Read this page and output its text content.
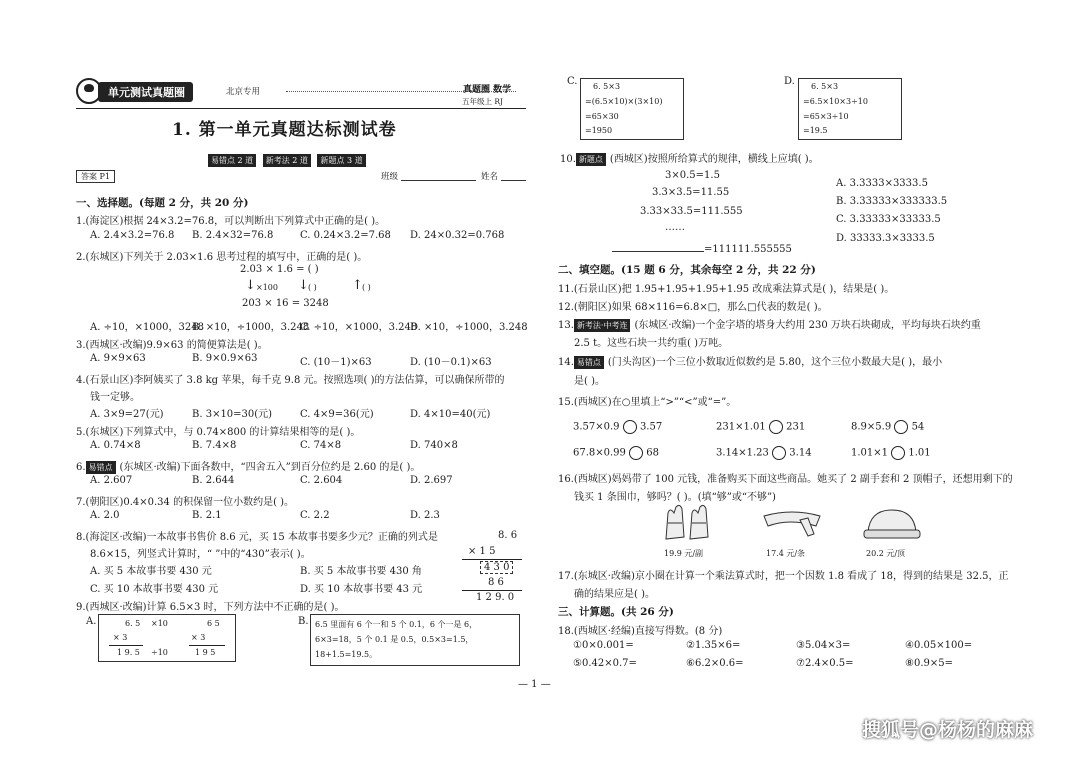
单元测试真题圈	北京专用	真题圈 数学
五年级上 RJ
1. 第一单元真题达标测试卷
易错点 2 道 新考法 2 道 新题点 3 道
答案 P1	班级	姓名
一、选择题。(每题 2 分，共 20 分)
1.(海淀区)根据 24×3.2=76.8，可以判断出下列算式中正确的是( )。
A. 2.4×3.2=76.8 B. 2.4×32=76.8	C. 0.24×3.2=7.68 D. 24×0.32=0.768
2.(东城区)下列关于 2.03×1.6 思考过程的填写中，正确的是( )。
2.03 × 1.6 = ( )
↓ ×100 ↓ ( )	↑ ( )
203 × 16 = 3248
A. ÷10，×1000，3248
B. ×10，÷1000，3.248
C. ÷10，×1000，3.248
D. ×10，÷1000，3.248
3.(西城区·改编)9.9×63 的简便算法是( )。
A. 9×9×63	B. 9×0.9×63	C. (10－1)×63	D. (10－0.1)×63
4.(石景山区)李阿姨买了 3.8 kg 苹果，每千克 9.8 元。按照选项( )的方法估算，可以确保所带的
钱一定够。
A. 3×9=27(元)	B. 3×10=30(元)	C. 4×9=36(元)	D. 4×10=40(元)
5.(东城区)下列算式中，与 0.74×800 的计算结果相等的是( )。
A. 0.74×8	B. 7.4×8	C. 74×8	D. 740×8
6. 易错点 (东城区·改编)下面各数中，“四舍五入”到百分位约是 2.60 的是( )。
A. 2.607	B. 2.644	C. 2.604	D. 2.697
7.(朝阳区)0.4×0.34 的积保留一位小数约是( )。
A. 2.0	B. 2.1	C. 2.2	D. 2.3
8.(海淀区·改编)一本故事书售价 8.6 元，买 15 本故事书要多少元？正确的列式是
8.6×15，列竖式计算时，“ ”中的“430”表示( )。
A. 买 5 本故事书要 430 元	B. 买 5 本故事书要 430 角
C. 买 10 本故事书要 430 元	D. 买 10 本故事书要 43 元
8. 6
× 1 5
4 3 0
8 6
1 2 9. 0
9.(西城区·改编)计算 6.5×3 时，下列方法中不正确的是( )。
A.	6. 5
× 3
1 9. 5
×10
÷10
6 5
× 3
1 9 5
B. 6.5 里面有 6 个一和 5 个 0.1，6 个一是 6，
6×3=18，5 个 0.1 是 0.5，0.5×3=1.5，
18+1.5=19.5。
C. 6. 5×3
=(6.5×10)×(3×10)
=65×30
=1950
D. 6. 5×3
=6.5×10×3÷10
=65×3÷10
=19.5
10. 新题点 (西城区)按照所给算式的规律，横线上应填( )。
3×0.5=1.5
3.3×3.5=11.55
3.33×33.5=111.555
……
=111111.555555
A. 3.3333×3333.5
B. 3.33333×333333.5
C. 3.33333×33333.5
D. 33333.3×3333.5
二、填空题。(15 题 6 分，其余每空 2 分，共 22 分)
11.(石景山区)把 1.95+1.95+1.95+1.95 改成乘法算式是( )，结果是( )。
12.(朝阳区)如果 68×116=6.8×□，那么□代表的数是( )。
13. 新考法·中考连 (东城区·改编)一个金字塔的塔身大约用 230 万块石块砌成，平均每块石块约重
2.5 t。这些石块一共约重( )万吨。
14. 易错点 (门头沟区)一个三位小数取近似数约是 5.80，这个三位小数最大是( )，最小
是( )。
15.(西城区)在○里填上“>”“<”或“=”。
3.57×0.9 3.57	231×1.01 231	8.9×5.9 54
67.8×0.99 68	3.14×1.23 3.14	1.01×1 1.01
16.(西城区)妈妈带了 100 元钱，准备购买下面这些商品。她买了 2 副手套和 2 顶帽子，还想用剩下的
钱买 1 条围巾，够吗？( )。(填“够”或“不够”)
19.9 元/副	17.4 元/条	20.2 元/顶
17.(东城区·改编)京小圈在计算一个乘法算式时，把一个因数 1.8 看成了 18，得到的结果是 32.5，正
确的结果应是( )。
三、计算题。(共 26 分)
18.(西城区·经编)直接写得数。(8 分)
①0×0.001=	②1.35×6=	③5.04×3=	④0.05×100=
⑤0.42×0.7=	⑥6.2×0.6=	⑦2.4×0.5=	⑧0.9×5=
— 1 —
搜狐号@杨杨的麻麻
